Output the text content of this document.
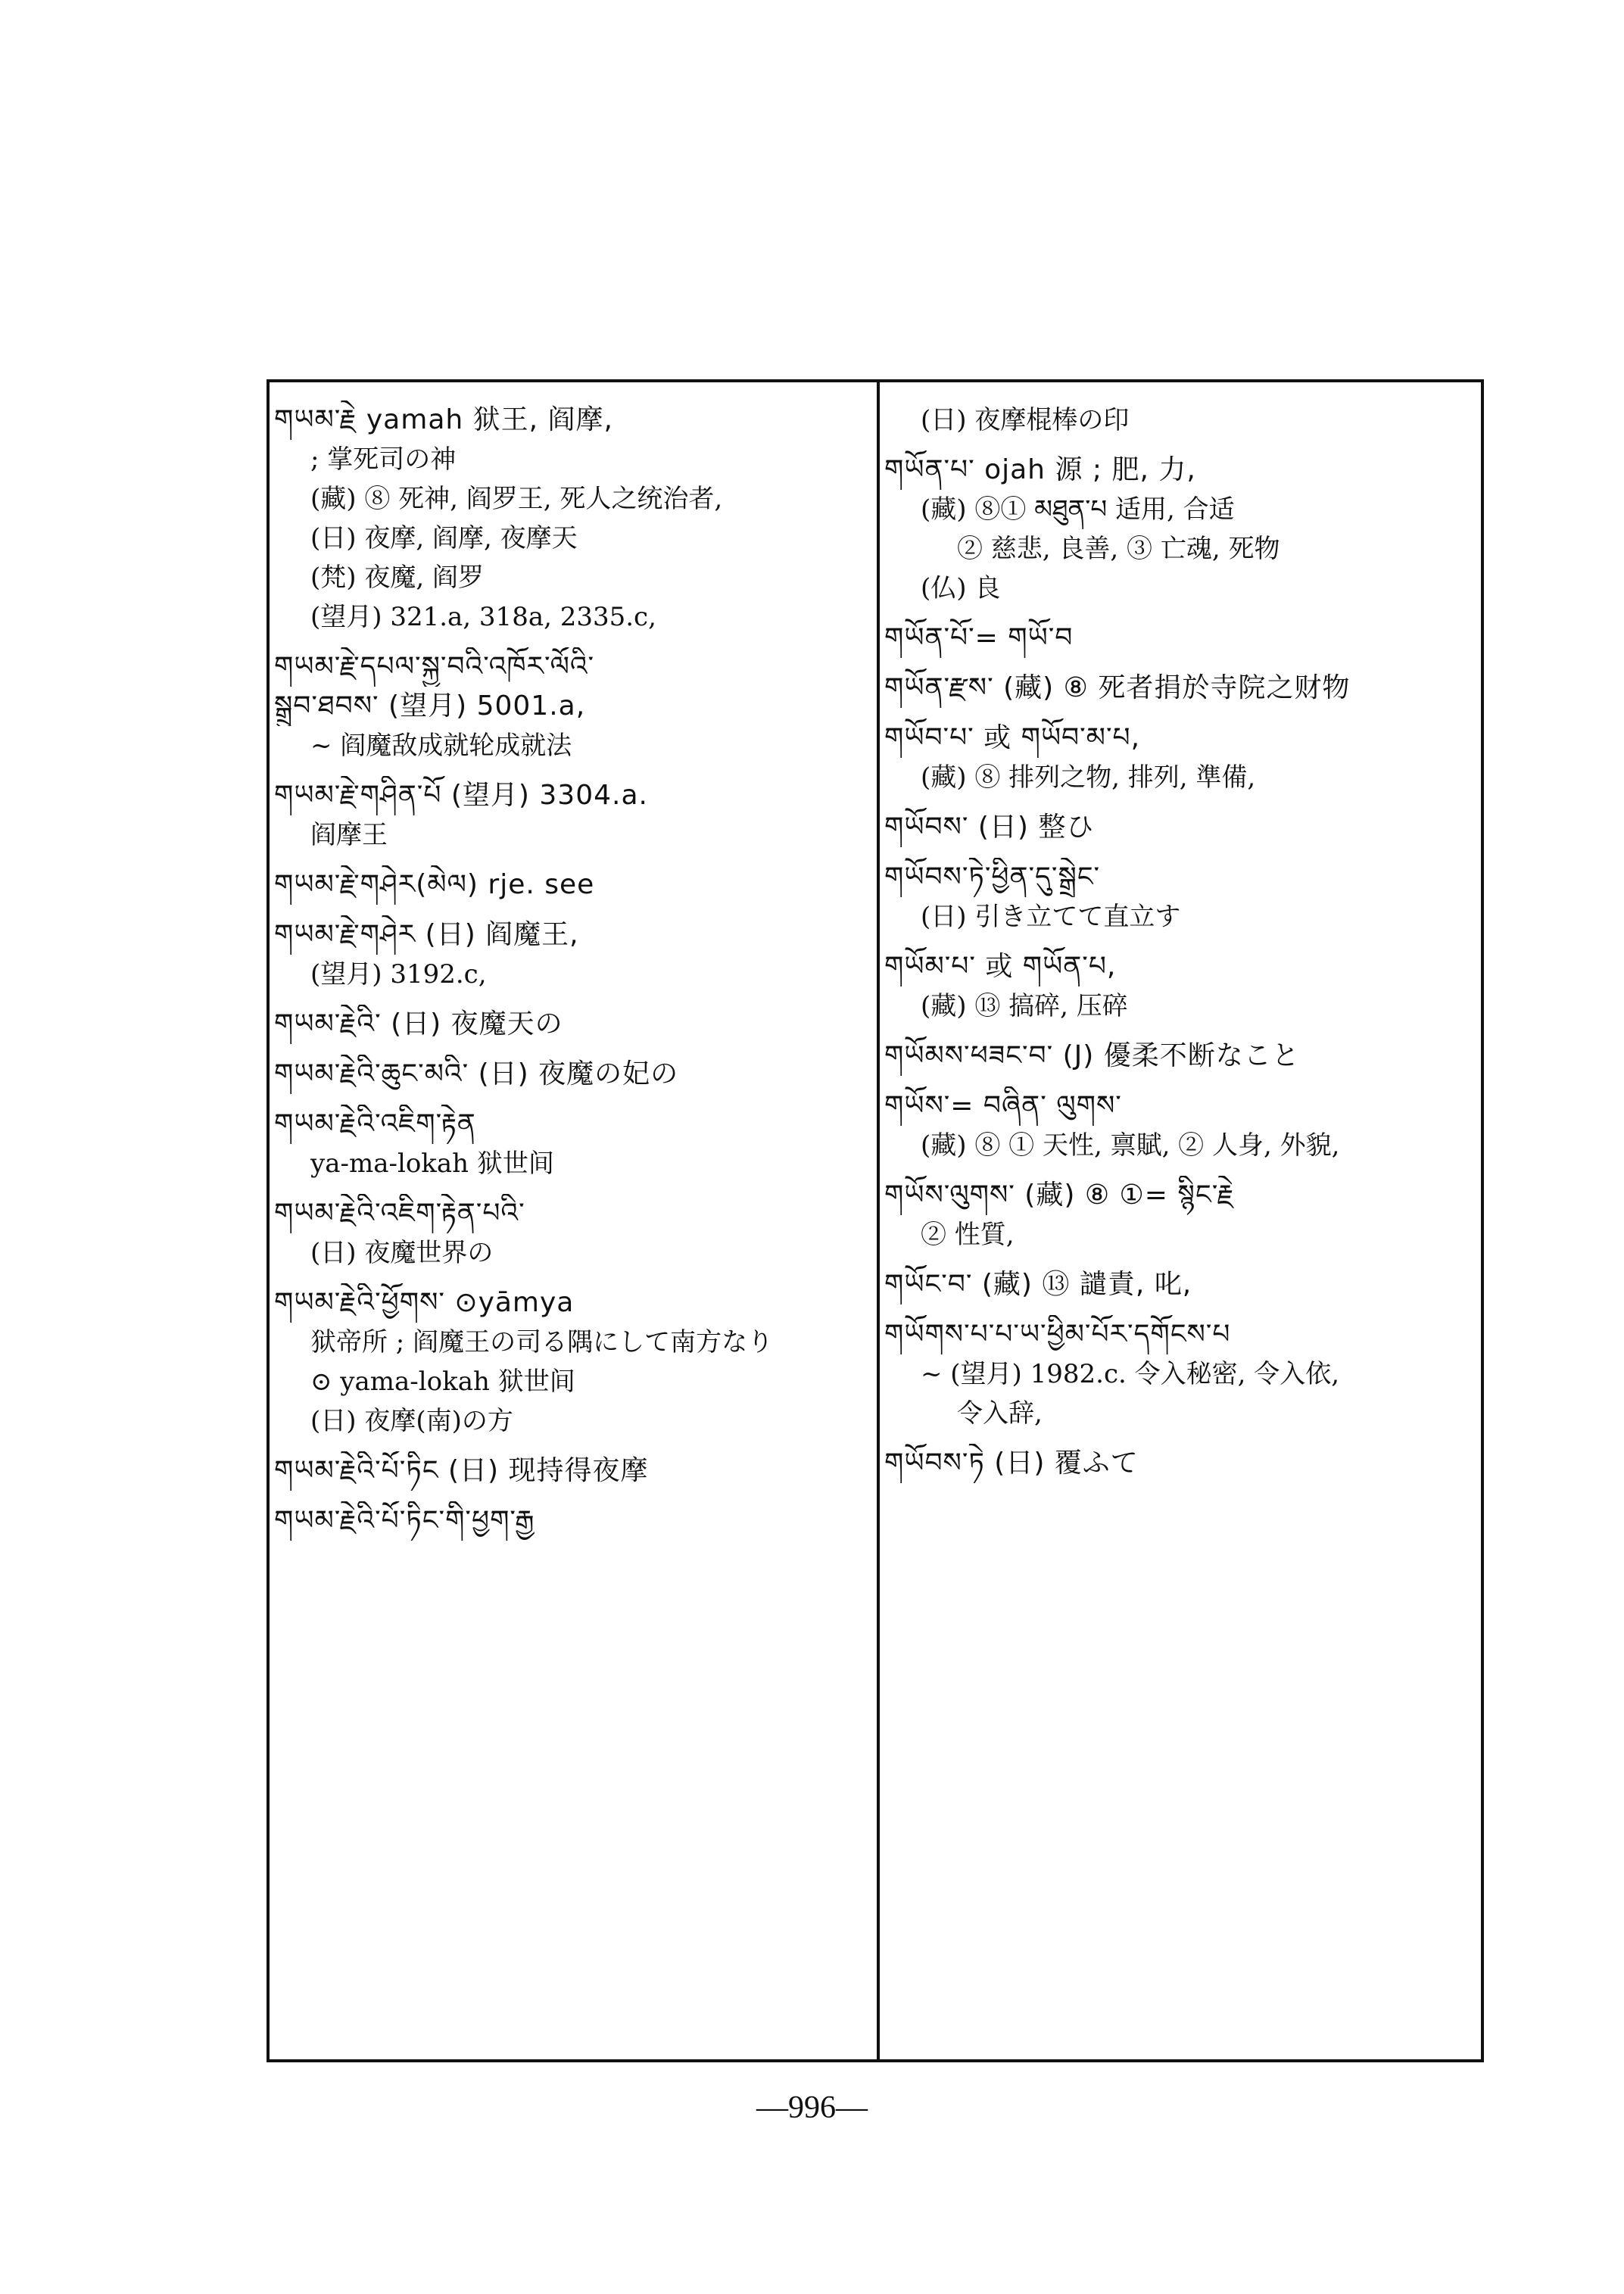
གཡམ་རྗེ yamah 狱王, 阎摩,
; 掌死司の神
(藏) ⑧ 死神, 阎罗王, 死人之统治者,
(日) 夜摩, 阎摩, 夜摩天
(梵) 夜魔, 阎罗
(望月) 321.a, 318a, 2335.c,
གཡམ་རྗེ་དཔལ་སྐྱ་བའི་འཁོར་ལོའི་
སྒྲུབ་ཐབས་ (望月) 5001.a,
~ 阎魔敌成就轮成就法
གཡམ་རྗེ་གཤིན་པོ (望月) 3304.a.
阎摩王
གཡམ་རྗེ་གཤེར(མེལ) rje. see
གཡམ་རྗེ་གཤེར (日) 阎魔王,
(望月) 3192.c,
གཡམ་རྗེའི་ (日) 夜魔天の
གཡམ་རྗེའི་ཆུང་མའི་ (日) 夜魔の妃の
གཡམ་རྗེའི་འཇིག་རྟེན
ya-ma-lokah 狱世间
གཡམ་རྗེའི་འཇིག་རྟེན་པའི་
(日) 夜魔世界の
གཡམ་རྗེའི་ཕྱོགས་ ⊙yāmya
狱帝所 ; 阎魔王の司る隅にして南方なり
⊙ yama-lokah 狱世间
(日) 夜摩(南)の方
གཡམ་རྗེའི་པོ་ཏིང (日) 现持得夜摩
གཡམ་རྗེའི་པོ་ཏིང་གི་ཕྱག་རྒྱ
(日) 夜摩棍棒の印
གཡོན་པ་ ojah 源 ; 肥, 力,
(藏) ⑧① མཐུན་པ 适用, 合适
② 慈悲, 良善, ③ 亡魂, 死物
(仏) 良
གཡོན་པོ་= གཡོ་བ
གཡོན་རྫས་ (藏) ⑧ 死者捐於寺院之财物
གཡོབ་པ་ 或 གཡོབ་མ་པ,
(藏) ⑧ 排列之物, 排列, 準備,
གཡོབས་ (日) 整ひ
གཡོབས་ཏེ་ཕྱིན་དུ་སྒྲེང་
(日) 引き立てて直立す
གཡོམ་པ་ 或 གཡོན་པ,
(藏) ⑬ 搞碎, 压碎
གཡོམས་ཕཟང་བ་ (J) 優柔不断なこと
གཡོས་= བཞིན་ ལུགས་
(藏) ⑧ ① 天性, 禀賦, ② 人身, 外貌,
གཡོས་ལུགས་ (藏) ⑧ ①= སྙིང་རྗེ
② 性質,
གཡོང་བ་ (藏) ⑬ 譴責, 叱,
གཡོགས་པ་པ་ཡ་ཕྱིམ་པོར་དགོངས་པ
~ (望月) 1982.c. 令入秘密, 令入依,
令入辞,
གཡོབས་ཏེ (日) 覆ふて
—996—
